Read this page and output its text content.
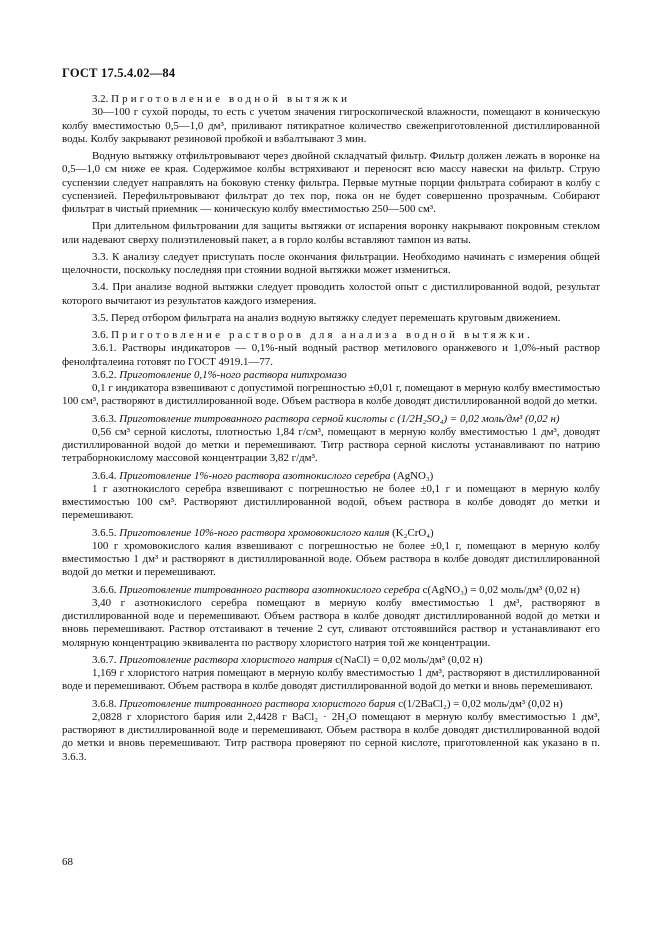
ГОСТ 17.5.4.02—84

3.2. Приготовление водной вытяжки

30—100 г сухой породы, то есть с учетом значения гигроскопической влажности, помещают в коническую колбу вместимостью 0,5—1,0 дм³, приливают пятикратное количество свежеприготовленной дистиллированной воды. Колбу закрывают резиновой пробкой и взбалтывают 3 мин.

Водную вытяжку отфильтровывают через двойной складчатый фильтр. Фильтр должен лежать в воронке на 0,5—1,0 см ниже ее края. Содержимое колбы встряхивают и переносят всю массу навески на фильтр. Струю суспензии следует направлять на боковую стенку фильтра. Первые мутные порции фильтрата собирают в колбу с суспензией. Перефильтровывают фильтрат до тех пор, пока он не будет совершенно прозрачным. Собирают фильтрат в чистый приемник — коническую колбу вместимостью 250—500 см³.

При длительном фильтровании для защиты вытяжки от испарения воронку накрывают покровным стеклом или надевают сверху полиэтиленовый пакет, а в горло колбы вставляют тампон из ваты.

3.3. К анализу следует приступать после окончания фильтрации. Необходимо начинать с измерения общей щелочности, поскольку последняя при стоянии водной вытяжки может измениться.

3.4. При анализе водной вытяжки следует проводить холостой опыт с дистиллированной водой, результат которого вычитают из результатов каждого измерения.

3.5. Перед отбором фильтрата на анализ водную вытяжку следует перемешать круговым движением.

3.6. Приготовление растворов для анализа водной вытяжки.

3.6.1. Растворы индикаторов — 0,1%-ный водный раствор метилового оранжевого и 1,0%-ный раствор фенолфталеина готовят по ГОСТ 4919.1—77.

3.6.2. Приготовление 0,1%-ного раствора нитхромазо

0,1 г индикатора взвешивают с допустимой погрешностью ±0,01 г, помещают в мерную колбу вместимостью 100 см³, растворяют в дистиллированной воде. Объем раствора в колбе доводят дистиллированной водой до метки.

3.6.3. Приготовление титрованного раствора серной кислоты c (1/2H₂SO₄) = 0,02 моль/дм³ (0,02 н)

0,56 см³ серной кислоты, плотностью 1,84 г/см³, помещают в мерную колбу вместимостью 1 дм³, доводят дистиллированной водой до метки и перемешивают. Титр раствора серной кислоты устанавливают по натрию тетраборнокислому массовой концентрации 3,82 г/дм³.

3.6.4. Приготовление 1%-ного раствора азотнокислого серебра (AgNO₃)

1 г азотнокислого серебра взвешивают с погрешностью не более ±0,1 г и помещают в мерную колбу вместимостью 100 см³. Растворяют дистиллированной водой, объем раствора в колбе доводят до метки и перемешивают.

3.6.5. Приготовление 10%-ного раствора хромовокислого калия (K₂CrO₄)

100 г хромовокислого калия взвешивают с погрешностью не более ±0,1 г, помещают в мерную колбу вместимостью 1 дм³ и растворяют в дистиллированной воде. Объем раствора в колбе доводят дистиллированной водой до метки и перемешивают.

3.6.6. Приготовление титрованного раствора азотнокислого серебра c(AgNO₃) = 0,02 моль/дм³ (0,02 н)

3,40 г азотнокислого серебра помещают в мерную колбу вместимостью 1 дм³, растворяют в дистиллированной воде и перемешивают. Объем раствора в колбе доводят дистиллированной водой до метки и вновь перемешивают. Раствор отстаивают в течение 2 сут, сливают отстоявшийся раствор и устанавливают его молярную концентрацию эквивалента по раствору хлористого натрия той же концентрации.

3.6.7. Приготовление раствора хлористого натрия c(NaCl) = 0,02 моль/дм³ (0,02 н)

1,169 г хлористого натрия помещают в мерную колбу вместимостью 1 дм³, растворяют в дистиллированной воде и перемешивают. Объем раствора в колбе доводят дистиллированной водой до метки и вновь перемешивают.

3.6.8. Приготовление титрованного раствора хлористого бария c(1/2BaCl₂) = 0,02 моль/дм³ (0,02 н)

2,0828 г хлористого бария или 2,4428 г BaCl₂ · 2H₂O помещают в мерную колбу вместимостью 1 дм³, растворяют в дистиллированной воде и перемешивают. Объем раствора в колбе доводят дистиллированной водой до метки и вновь перемешивают. Титр раствора проверяют по серной кислоте, приготовленной как указано в п. 3.6.3.

68
